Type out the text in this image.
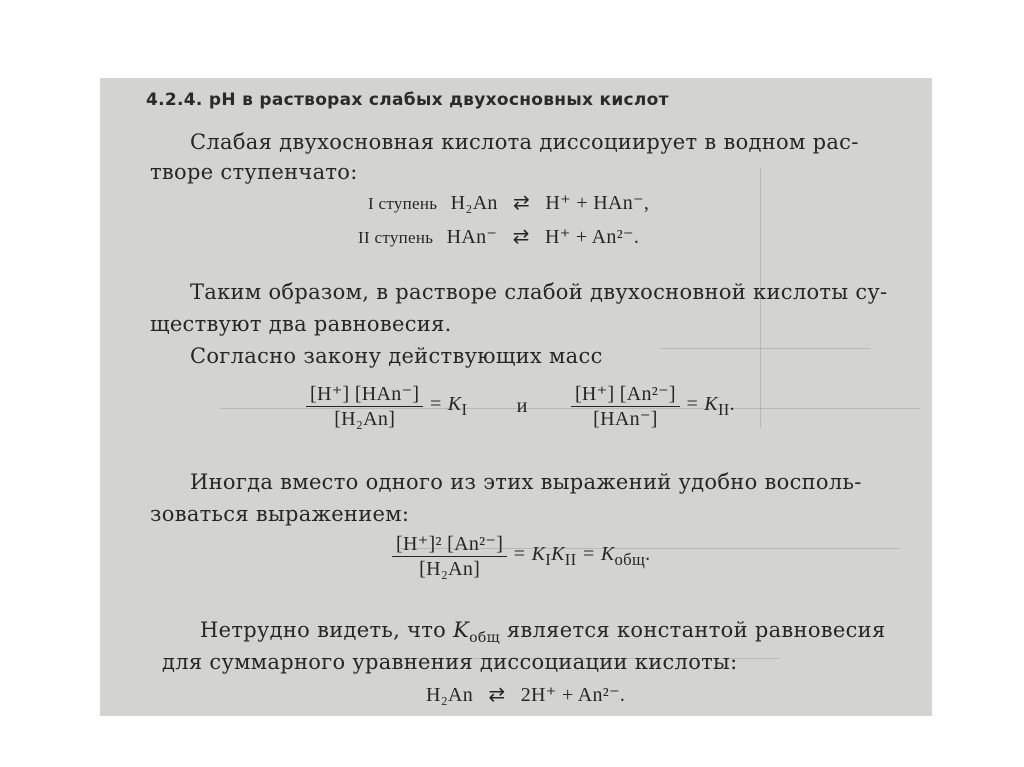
4.2.4. рН в растворах слабых двухосновных кислот
Слабая двухосновная кислота диссоциирует в водном рас-
творе ступенчато:
I ступень H₂An ⇄ H⁺ + HAn⁻,
II ступень HAn⁻ ⇄ H⁺ + An²⁻.
Таким образом, в растворе слабой двухосновной кислоты су-
ществуют два равновесия.
Согласно закону действующих масс
$\frac{\text{[H⁺] [HAn⁻]}}{\text{[H₂An]}} = K_I$ и $\frac{\text{[H⁺] [An²⁻]}}{\text{[HAn⁻]}} = K_{II}$.
Иногда вместо одного из этих выражений удобно восполь-
зоваться выражением:
$\frac{\text{[H⁺]² [An²⁻]}}{\text{[H₂An]}} = K_IK_{II} = K_{общ}$.
Нетрудно видеть, что $K_{общ}$ является константой равновесия
для суммарного уравнения диссоциации кислоты:
H₂An ⇄ 2H⁺ + An²⁻.
